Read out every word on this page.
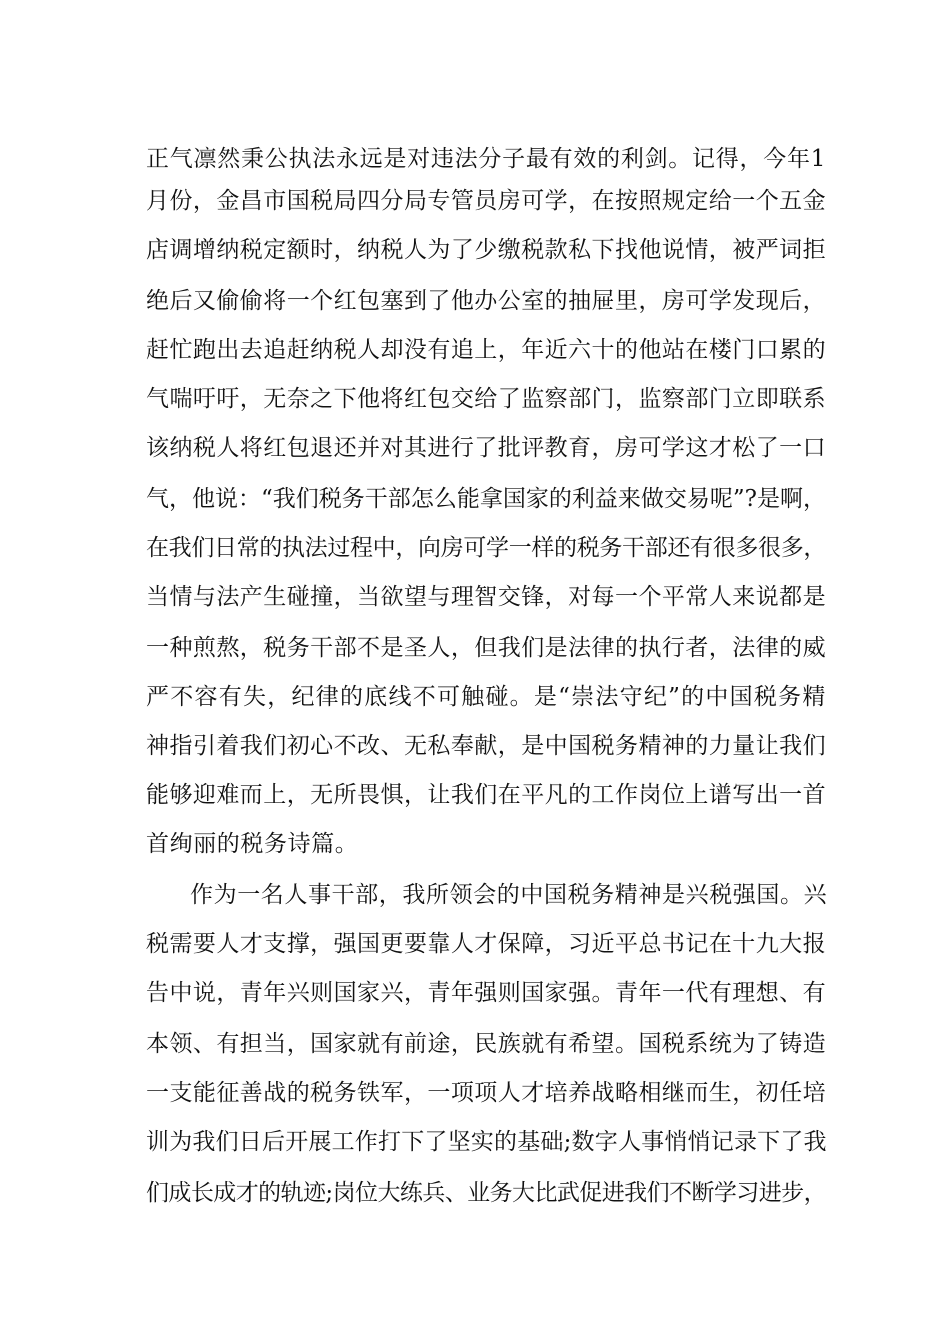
正气凛然秉公执法永远是对违法分子最有效的利剑。记得，今年1
月份，金昌市国税局四分局专管员房可学，在按照规定给一个五金
店调增纳税定额时，纳税人为了少缴税款私下找他说情，被严词拒
绝后又偷偷将一个红包塞到了他办公室的抽屉里，房可学发现后，
赶忙跑出去追赶纳税人却没有追上，年近六十的他站在楼门口累的
气喘吁吁，无奈之下他将红包交给了监察部门，监察部门立即联系
该纳税人将红包退还并对其进行了批评教育，房可学这才松了一口
气，他说：“我们税务干部怎么能拿国家的利益来做交易呢”?是啊，
在我们日常的执法过程中，向房可学一样的税务干部还有很多很多，
当情与法产生碰撞，当欲望与理智交锋，对每一个平常人来说都是
一种煎熬，税务干部不是圣人，但我们是法律的执行者，法律的威
严不容有失，纪律的底线不可触碰。是“崇法守纪”的中国税务精
神指引着我们初心不改、无私奉献，是中国税务精神的力量让我们
能够迎难而上，无所畏惧，让我们在平凡的工作岗位上谱写出一首
首绚丽的税务诗篇。
作为一名人事干部，我所领会的中国税务精神是兴税强国。兴
税需要人才支撑，强国更要靠人才保障，习近平总书记在十九大报
告中说，青年兴则国家兴，青年强则国家强。青年一代有理想、有
本领、有担当，国家就有前途，民族就有希望。国税系统为了铸造
一支能征善战的税务铁军，一项项人才培养战略相继而生，初任培
训为我们日后开展工作打下了坚实的基础;数字人事悄悄记录下了我
们成长成才的轨迹;岗位大练兵、业务大比武促进我们不断学习进步，
